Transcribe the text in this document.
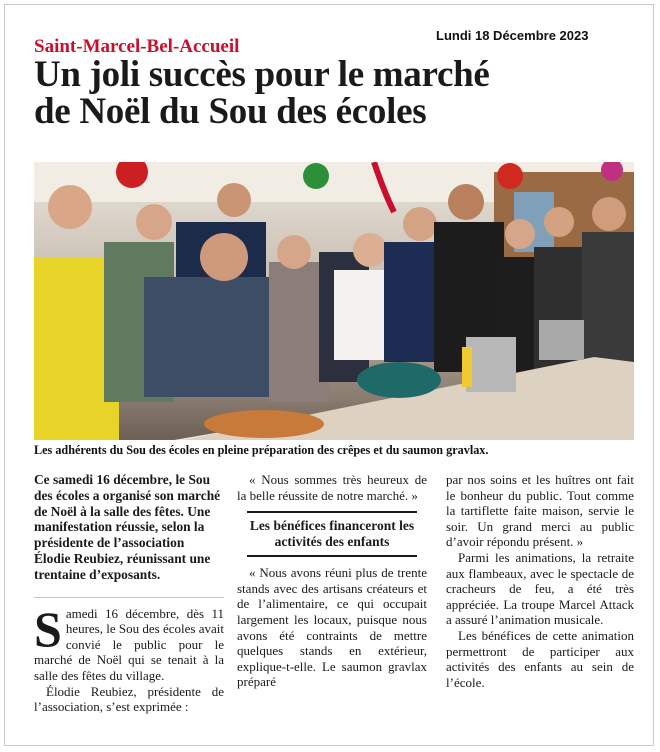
Saint-Marcel-Bel-Accueil
Lundi 18 Décembre 2023
Un joli succès pour le marché
de Noël du Sou des écoles
Les adhérents du Sou des écoles en pleine préparation des crêpes et du saumon gravlax.

Ce samedi 16 décembre, le Sou des écoles a organisé son marché de Noël à la salle des fêtes. Une manifestation réussie, selon la présidente de l’association Élodie Reubiez, réunissant une trentaine d’exposants.

Samedi 16 décembre, dès 11 heures, le Sou des écoles avait convié le public pour le marché de Noël qui se tenait à la salle des fêtes du village.

Élodie Reubiez, présidente de l’association, s’est exprimée :

« Nous sommes très heureux de la belle réussite de notre marché. »

Les bénéfices financeront les activités des enfants

« Nous avons réuni plus de trente stands avec des artisans créateurs et de l’alimentaire, ce qui occupait largement les locaux, puisque nous avons été contraints de mettre quelques stands en extérieur, explique-t-elle. Le saumon gravlax préparé

par nos soins et les huîtres ont fait le bonheur du public. Tout comme la tartiflette faite maison, servie le soir. Un grand merci au public d’avoir répondu présent. »

Parmi les animations, la retraite aux flambeaux, avec le spectacle de cracheurs de feu, a été très appréciée. La troupe Marcel Attack a assuré l’animation musicale.

Les bénéfices de cette animation permettront de participer aux activités des enfants au sein de l’école.
